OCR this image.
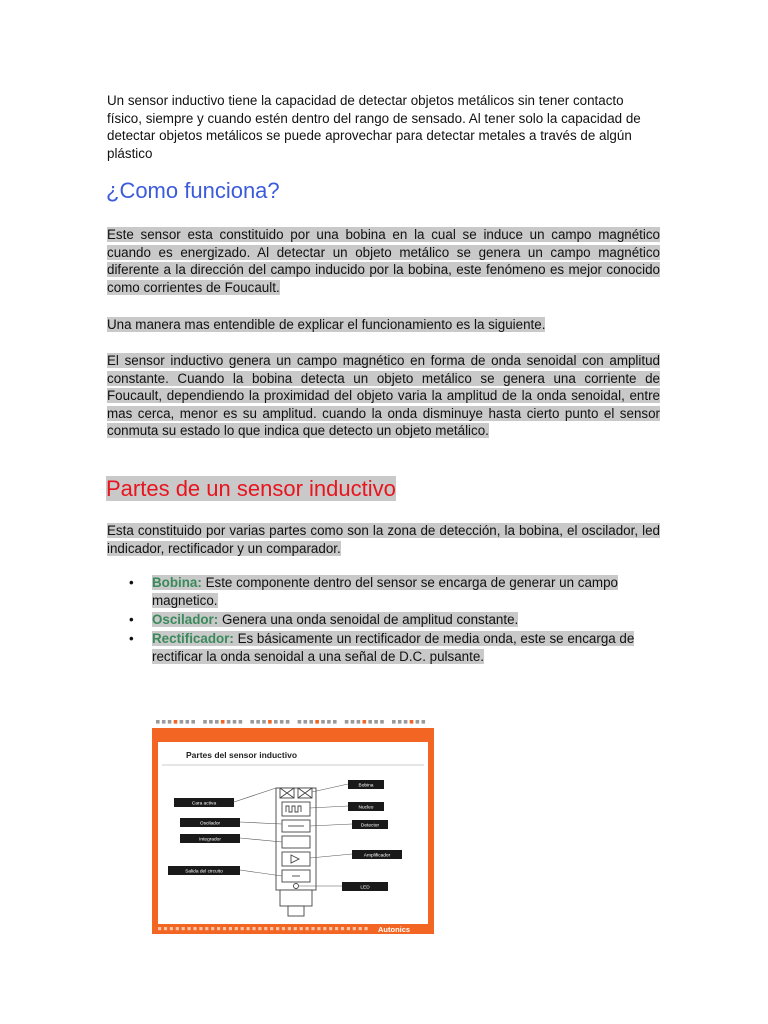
Un sensor inductivo tiene la capacidad de detectar objetos metálicos sin tener contacto físico, siempre y cuando estén dentro del rango de sensado. Al tener solo la capacidad de detectar objetos metálicos se puede aprovechar para detectar metales a través de algún plástico

¿Como funciona?

Este sensor esta constituido por una bobina en la cual se induce un campo magnético cuando es energizado. Al detectar un objeto metálico se genera un campo magnético diferente a la dirección del campo inducido por la bobina, este fenómeno es mejor conocido como corrientes de Foucault.

Una manera mas entendible de explicar el funcionamiento es la siguiente.

El sensor inductivo genera un campo magnético en forma de onda senoidal con amplitud constante. Cuando la bobina detecta un objeto metálico se genera una corriente de Foucault, dependiendo la proximidad del objeto varia la amplitud de la onda senoidal, entre mas cerca, menor es su amplitud. cuando la onda disminuye hasta cierto punto el sensor conmuta su estado lo que indica que detecto un objeto metálico.

Partes de un sensor inductivo

Esta constituido por varias partes como son la zona de detección, la bobina, el oscilador, led indicador, rectificador y un comparador.

• Bobina: Este componente dentro del sensor se encarga de generar un campo magnetico.
• Oscilador: Genera una onda senoidal de amplitud constante.
• Rectificador: Es básicamente un rectificador de media onda, este se encarga de rectificar la onda senoidal a una señal de D.C. pulsante.
Partes del sensor inductivo
Cara activa
Oscilador
Integrador
Salida del circuito
Bobina
Nucleo
Detector
Amplificador
LED
Autonics
